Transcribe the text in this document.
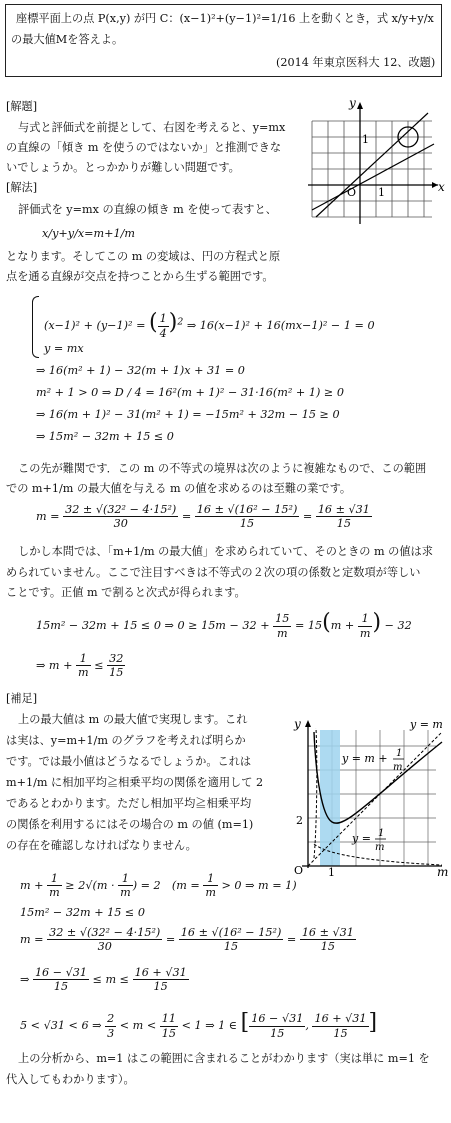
座標平面上の点 P(x,y) が円 C：(x−1)²+(y−1)²=1/16 上を動くとき，式 x/y+y/x
の最大値Mを答えよ。
(2014 年東京医科大 12、改題)
[解題]
与式と評価式を前提として、右図を考えると、y=mx
の直線の「傾き m を使うのではないか」と推測できな
いでしょうか。とっかかりが難しい問題です。
[解法]
評価式を y=mx の直線の傾き m を使って表すと、
x/y+y/x=m+1/m
となります。そしてこの m の変域は、円の方程式と原
点を通る直線が交点を持つことから生ずる範囲です。
y
x
O
1
1
(x−1)² + (y−1)² = ( $\frac{1}{4} )^2$ ⇒ 16(x−1)² + 16(mx−1)² − 1 = 0
y = mx
⇒ 16(m² + 1) − 32(m + 1)x + 31 = 0
m² + 1 > 0 ⇒ D / 4 = 16²(m + 1)² − 31·16(m² + 1) ≥ 0
⇒ 16(m + 1)² − 31(m² + 1) = −15m² + 32m − 15 ≥ 0
⇒ 15m² − 32m + 15 ≤ 0
この先が難関です．この m の不等式の境界は次のように複雑なもので、この範囲
での m+1/m の最大値を与える m の値を求めるのは至難の業です。
$m = \frac{\text{32 ± √(32² − 4·15²)}}{30} = \frac{\text{16 ± √(16² − 15²)}}{15} = \frac{16 \pm √31}{15}$
しかし本問では、「m+1/m の最大値」を求められていて、そのときの m の値は求
められていません。ここで注目すべきは不等式の２次の項の係数と定数項が等しい
ことです。正値 m で割ると次式が得られます。
15m² − 32m + 15 ≤ 0 ⇒ $0 \ge 15m - 32 + \frac{15}{m} = 15(m + \frac{1}{m}$ ) − 32
⇒ $m + \frac{1}{m} \le \frac{32}{15}$
[補足]
上の最大値は m の最大値で実現します。これ
は実は、y=m+1/m のグラフを考えれば明らか
です。では最小値はどうなるでしょうか。これは
m+1/m に相加平均≧相乗平均の関係を適用して 2
であるとわかります。ただし相加平均≧相乗平均
の関係を利用するにはその場合の m の値 (m=1)
の存在を確認しなければなりません。
y
m
O
2
1
y = m
y = m + 1
m
y = 1
m
$m + \frac{1}{m} \ge 2√(m \cdot \frac{1}{m}$ ) = 2　($m = \frac{1}{m} > 0$ ⇒ m = 1)
15m² − 32m + 15 ≤ 0
$m = \frac{\text{32 ± √(32² − 4·15²)}}{30} = \frac{\text{16 ± √(16² − 15²)}}{15} = \frac{16 \pm √31}{15}$
⇒ $\frac{16 - √31}{15} \le m \le \frac{16 + √31}{15}$
5 < √31 < 6 ⇒ $\frac{2}{3} < m < \frac{11}{15} < 1$ ⇒ 1 ∈ [ $\frac{16 - √31}{15}$ , $\frac{16 + √31}{15}$ ]
上の分析から、m=1 はこの範囲に含まれることがわかります（実は単に m=1 を
代入してもわかります）。
